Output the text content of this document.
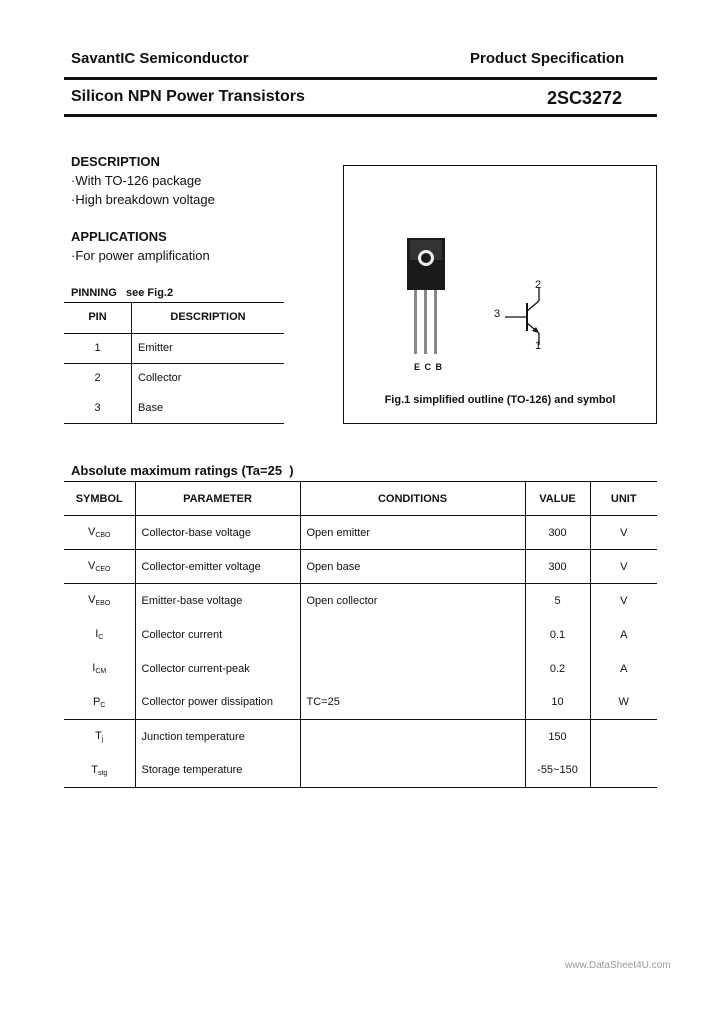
SavantIC Semiconductor	Product Specification
Silicon NPN Power Transistors	2SC3272
DESCRIPTION
·With TO-126 package
·High breakdown voltage
APPLICATIONS
·For power amplification
PINNING   see Fig.2
PIN	DESCRIPTION
1	Emitter
2	Collector
3	Base
E C B
2
3
1
Fig.1 simplified outline (TO-126) and symbol
Absolute maximum ratings (Ta=25  )
SYMBOL	PARAMETER	CONDITIONS	VALUE	UNIT
$V_{CBO}$	Collector-base voltage	Open emitter	300	V
$V_{CEO}$	Collector-emitter voltage	Open base	300	V
$V_{EBO}$	Emitter-base voltage	Open collector	5	V
$I_C$	Collector current		0.1	A
$I_{CM}$	Collector current-peak		0.2	A
$P_C$	Collector power dissipation	TC=25	10	W
$T_j$	Junction temperature		150	
$T_{stg}$	Storage temperature		-55~150	
www.DataSheet4U.com
